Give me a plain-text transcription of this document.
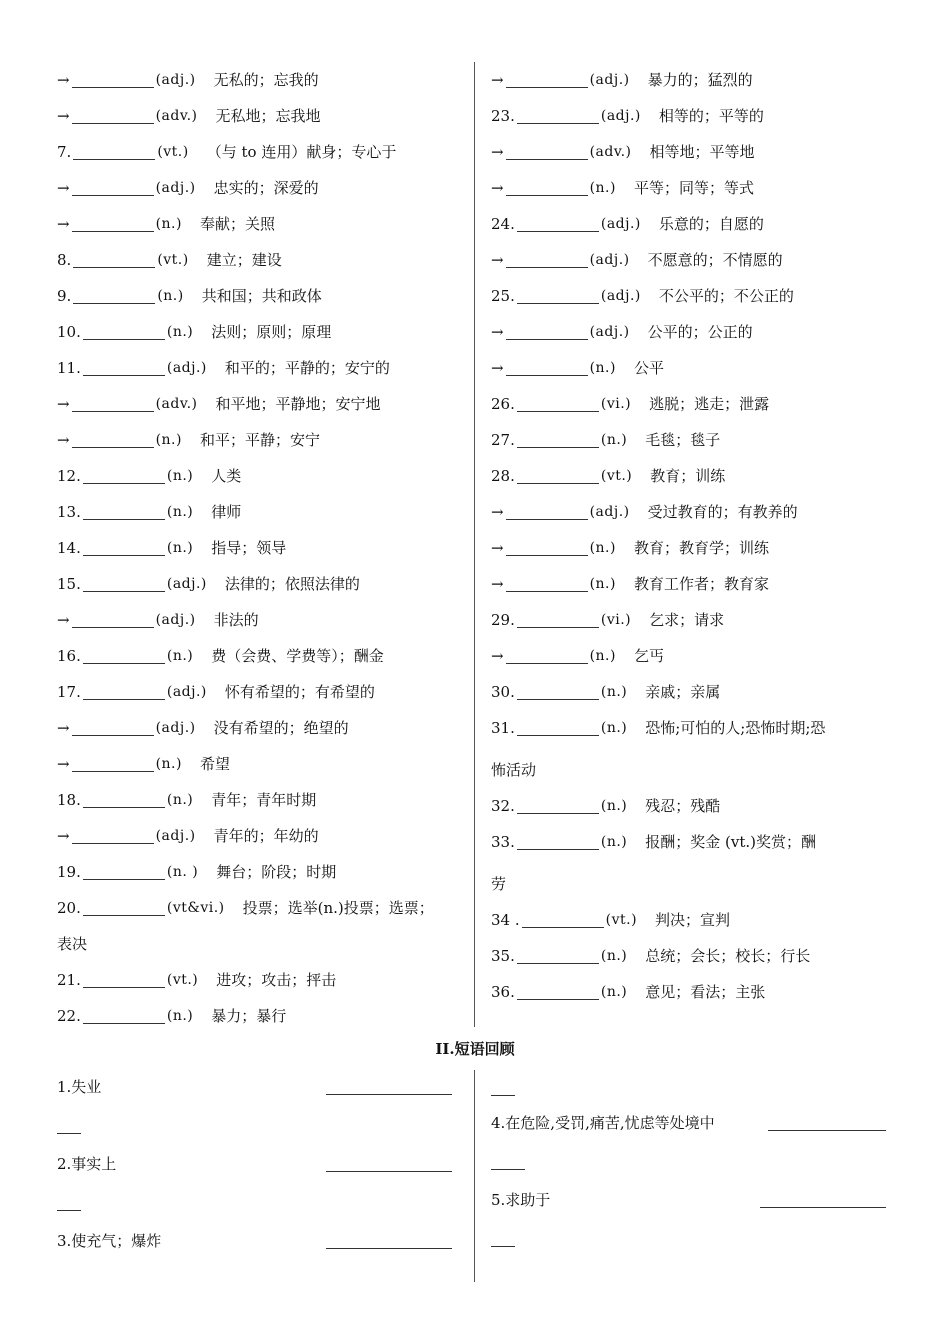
→	(adj.) 无私的；忘我的
→	(adv.) 无私地；忘我地
7.	(vt.) （与 to 连用）献身；专心于
→	(adj.) 忠实的；深爱的
→	(n.) 奉献；关照
8.	(vt.) 建立；建设
9.	(n.) 共和国；共和政体
10.	(n.) 法则；原则；原理
11.	(adj.) 和平的；平静的；安宁的
→	(adv.) 和平地；平静地；安宁地
→	(n.) 和平；平静；安宁
12.	(n.) 人类
13.	(n.) 律师
14.	(n.) 指导；领导
15.	(adj.) 法律的；依照法律的
→	(adj.) 非法的
16.	(n.) 费（会费、学费等）；酬金
17.	(adj.) 怀有希望的；有希望的
→	(adj.) 没有希望的；绝望的
→	(n.) 希望
18.	(n.) 青年；青年时期
→	(adj.) 青年的；年幼的
19.	(n. ) 舞台；阶段；时期
20.	(vt&vi.) 投票；选举(n.)投票；选票；
表决
21.	(vt.) 进攻；攻击；抨击
22.	(n.) 暴力；暴行
→	(adj.) 暴力的；猛烈的
23.	(adj.) 相等的；平等的
→	(adv.) 相等地；平等地
→	(n.) 平等；同等；等式
24.	(adj.) 乐意的；自愿的
→	(adj.) 不愿意的；不情愿的
25.	(adj.) 不公平的；不公正的
→	(adj.) 公平的；公正的
→	(n.) 公平
26.	(vi.) 逃脱；逃走；泄露
27.	(n.) 毛毯；毯子
28.	(vt.) 教育；训练
→	(adj.) 受过教育的；有教养的
→	(n.) 教育；教育学；训练
→	(n.) 教育工作者；教育家
29.	(vi.) 乞求；请求
→	(n.) 乞丐
30.	(n.) 亲戚；亲属
31.	(n.) 恐怖;可怕的人;恐怖时期;恐
怖活动
32.	(n.) 残忍；残酷
33.	(n.) 报酬；奖金 (vt.)奖赏；酬
劳
34 .	(vt.) 判决；宣判
35.	(n.) 总统；会长；校长；行长
36.	(n.) 意见；看法；主张
II.短语回顾
1.失业
2.事实上
3.使充气；爆炸
4.在危险,受罚,痛苦,忧虑等处境中
5.求助于
